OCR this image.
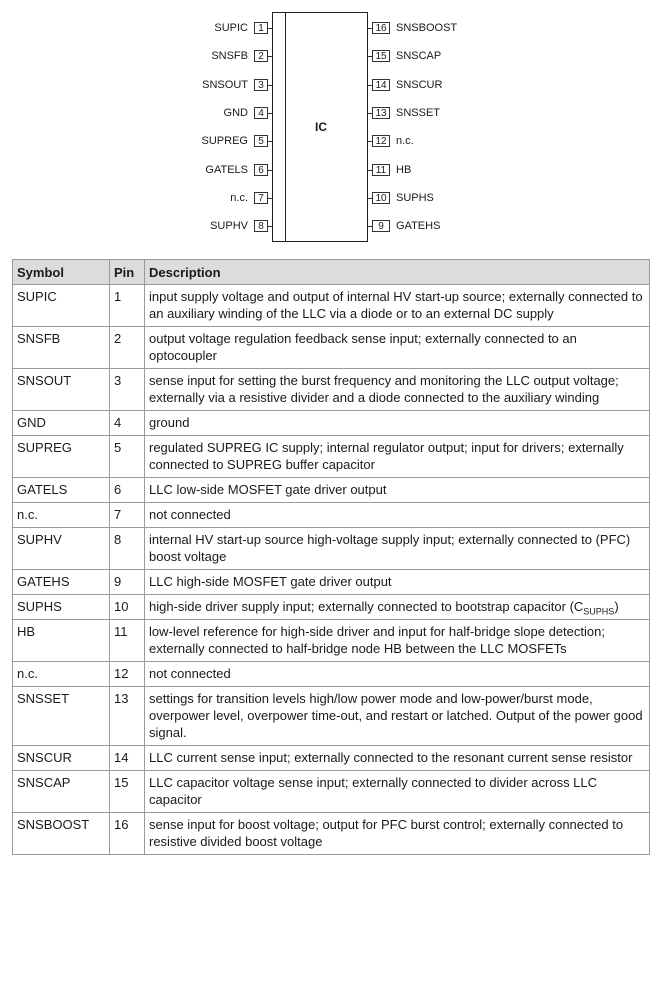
IC
SUPIC	1
SNSFB	2
SNSOUT	3
GND	4
SUPREG	5
GATELS	6
n.c.	7
SUPHV	8
16 SNSBOOST
15 SNSCAP
14 SNSCUR
13 SNSSET
12 n.c.
11 HB
10 SUPHS
9	GATEHS
Symbol	Pin	Description
SUPIC	1	input supply voltage and output of internal HV start-up source; externally connected to an auxiliary winding of the LLC via a diode or to an external DC supply
SNSFB	2	output voltage regulation feedback sense input; externally connected to an optocoupler
SNSOUT	3	sense input for setting the burst frequency and monitoring the LLC output voltage; externally via a resistive divider and a diode connected to the auxiliary winding
GND	4	ground
SUPREG	5	regulated SUPREG IC supply; internal regulator output; input for drivers; externally connected to SUPREG buffer capacitor
GATELS	6	LLC low-side MOSFET gate driver output
n.c.	7	not connected
SUPHV	8	internal HV start-up source high-voltage supply input; externally connected to (PFC) boost voltage
GATEHS	9	LLC high-side MOSFET gate driver output
SUPHS	10	high-side driver supply input; externally connected to bootstrap capacitor $(C_{SUPHS})$
HB	11	low-level reference for high-side driver and input for half-bridge slope detection; externally connected to half-bridge node HB between the LLC MOSFETs
n.c.	12	not connected
SNSSET	13	settings for transition levels high/low power mode and low-power/burst mode, overpower level, overpower time-out, and restart or latched. Output of the power good signal.
SNSCUR	14	LLC current sense input; externally connected to the resonant current sense resistor
SNSCAP	15	LLC capacitor voltage sense input; externally connected to divider across LLC capacitor
SNSBOOST	16	sense input for boost voltage; output for PFC burst control; externally connected to resistive divided boost voltage
